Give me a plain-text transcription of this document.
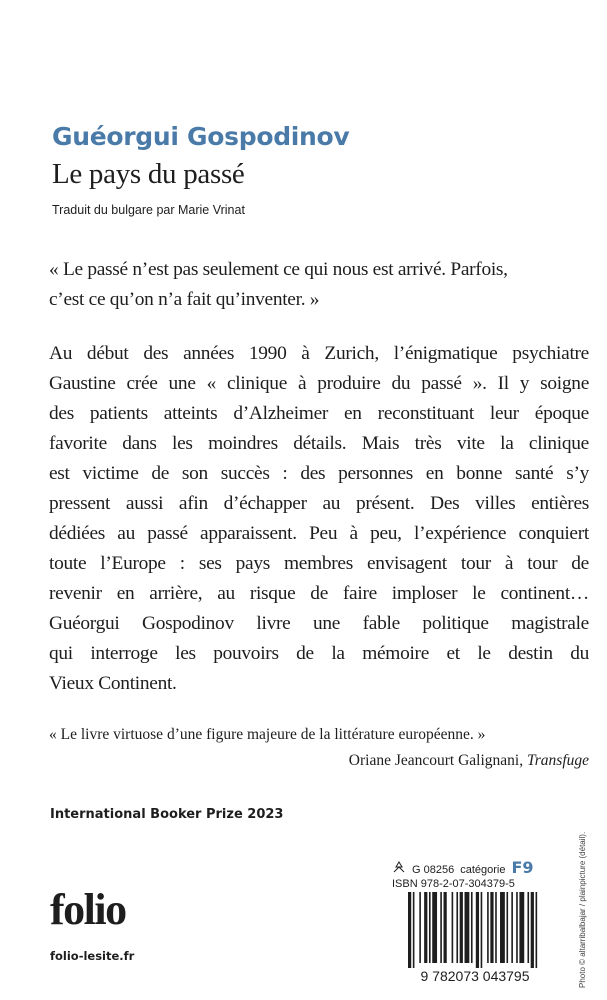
Guéorgui Gospodinov
Le pays du passé
Traduit du bulgare par Marie Vrinat
« Le passé n’est pas seulement ce qui nous est arrivé. Parfois,
c’est ce qu’on n’a fait qu’inventer. »
Au début des années 1990 à Zurich, l’énigmatique psychiatre
Gaustine crée une « clinique à produire du passé ». Il y soigne
des patients atteints d’Alzheimer en reconstituant leur époque
favorite dans les moindres détails. Mais très vite la clinique
est victime de son succès : des personnes en bonne santé s’y
pressent aussi afin d’échapper au présent. Des villes entières
dédiées au passé apparaissent. Peu à peu, l’expérience conquiert
toute l’Europe : ses pays membres envisagent tour à tour de
revenir en arrière, au risque de faire imploser le continent…
Guéorgui Gospodinov livre une fable politique magistrale
qui interroge les pouvoirs de la mémoire et le destin du
Vieux Continent.
« Le livre virtuose d’une figure majeure de la littérature européenne. »
Oriane Jeancourt Galignani, Transfuge
International Booker Prize 2023
folio
folio-lesite.fr
G 08256 catégorie F9
ISBN 978-2-07-304379-5
9 782073 043795	Photo © altarribalbajar / plainpicture (détail).
